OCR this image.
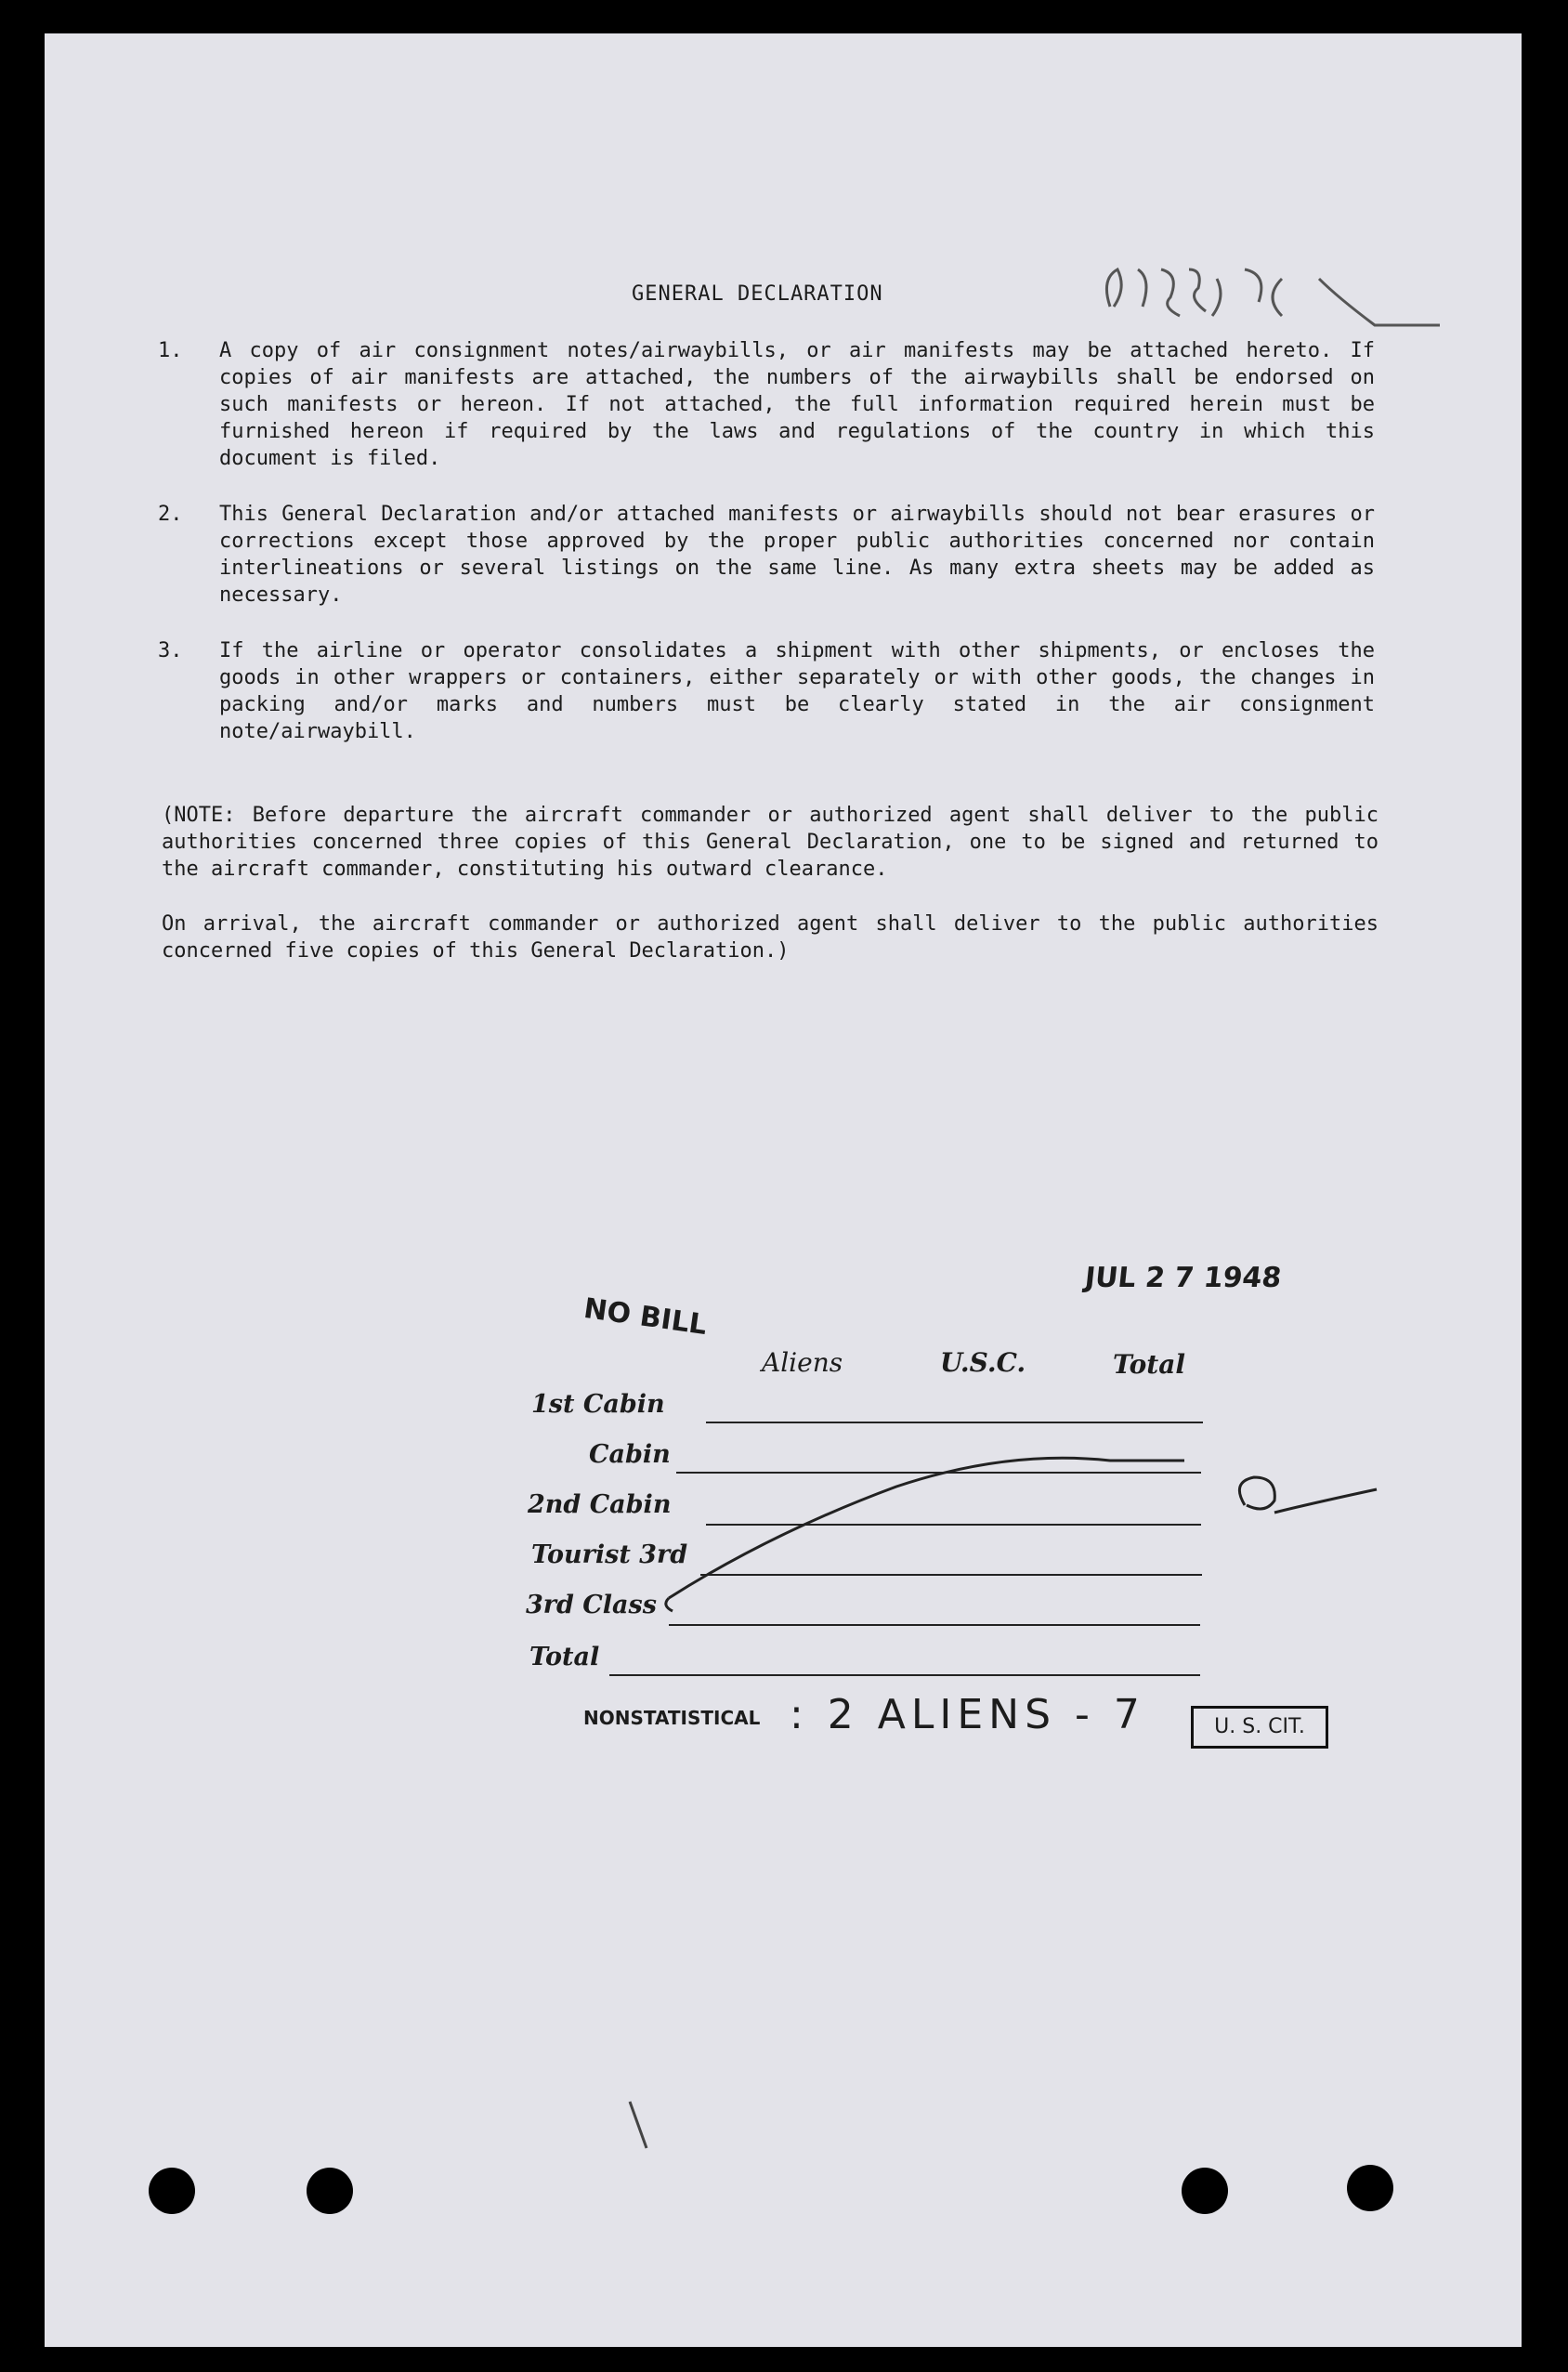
GENERAL DECLARATION
1. A copy of air consignment notes/airwaybills, or air manifests may be attached hereto. If copies of air manifests are attached, the numbers of the airwaybills shall be endorsed on such manifests or hereon. If not attached, the full information required herein must be furnished hereon if required by the laws and regulations of the country in which this document is filed.
2. This General Declaration and/or attached manifests or airwaybills should not bear erasures or corrections except those approved by the proper public authorities concerned nor contain interlineations or several listings on the same line. As many extra sheets may be added as necessary.
3. If the airline or operator consolidates a shipment with other shipments, or encloses the goods in other wrappers or containers, either separately or with other goods, the changes in packing and/or marks and numbers must be clearly stated in the air consignment note/airwaybill.
(NOTE: Before departure the aircraft commander or authorized agent shall deliver to the public authorities concerned three copies of this General Declaration, one to be signed and returned to the aircraft commander, constituting his outward clearance.
On arrival, the aircraft commander or authorized agent shall deliver to the public authorities concerned five copies of this General Declaration.)
JUL 2 7 1948
NO BILL
Aliens	U.S.C.	Total
1st Cabin
Cabin
2nd Cabin
Tourist 3rd
3rd Class
Total
NONSTATISTICAL : 2 ALIENS - 7	U. S. CIT.
